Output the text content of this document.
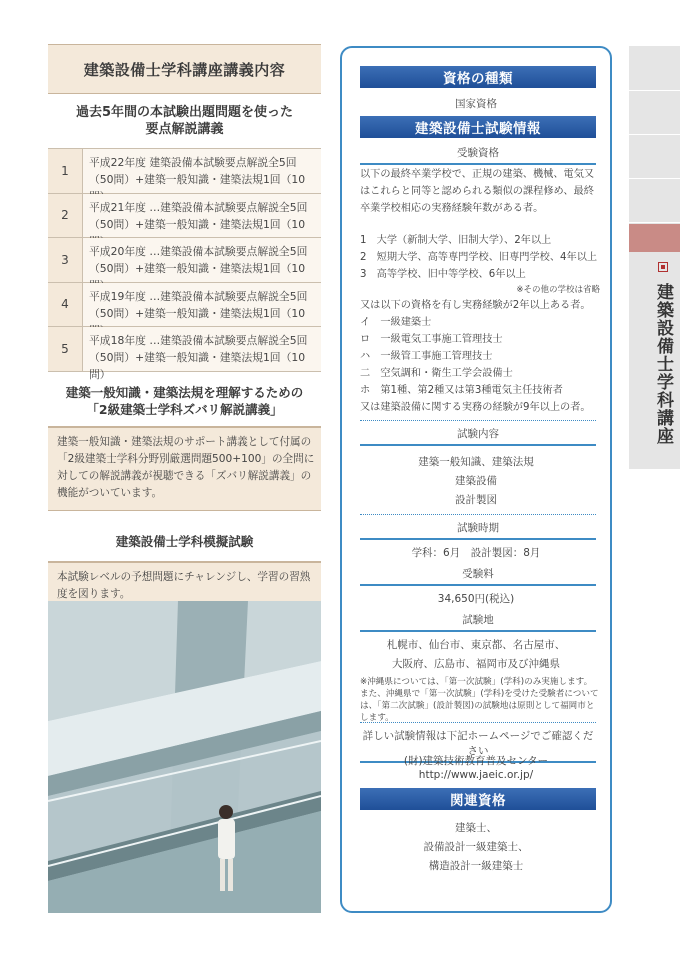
建築設備士学科講座講義内容
過去5年間の本試験出題問題を使った
要点解説講義
1
平成22年度 建築設備本試験要点解説全5回（50問）+建築一般知識・建築法規1回（10
2
平成21年度 …建築設備本試験要点解説全5回（50問）+建築一般知識・建築法規1回（10
3
平成20年度 …建築設備本試験要点解説全5回（50問）+建築一般知識・建築法規1回（10
4
平成19年度 …建築設備本試験要点解説全5回（50問）+建築一般知識・建築法規1回（10
5
平成18年度 …建築設備本試験要点解説全5回（50問）+建築一般知識・建築法規1回（10問）
建築一般知識・建築法規を理解するための
「2級建築士学科ズバリ解説講義」
建築一般知識・建築法規のサポート講義として付属の「2級建築士学科分野別厳選問題500+100」の全問に対しての解説講義が視聴できる「ズバリ解説講義」の機能がついています。
建築設備士学科模擬試験
本試験レベルの予想問題にチャレンジし、学習の習熟度を図ります。
資格の種類
国家資格
建築設備士試験情報
受験資格
以下の最終卒業学校で、正規の建築、機械、電気又はこれらと同等と認められる類似の課程修め、最終卒業学校相応の実務経験年数がある者。
1　大学（新制大学、旧制大学）、2年以上
2　短期大学、高等専門学校、旧専門学校、4年以上
3　高等学校、旧中等学校、6年以上
※その他の学校は省略
又は以下の資格を有し実務経験が2年以上ある者。
イ　一級建築士
ロ　一級電気工事施工管理技士
ハ　一級管工事施工管理技士
二　空気調和・衛生工学会設備士
ホ　第1種、第2種又は第3種電気主任技術者
又は建築設備に関する実務の経験が9年以上の者。
試験内容
建築一般知識、建築法規
建築設備
設計製図
試験時期
学科：6月　設計製図：8月
受験料
34,650円(税込)
試験地
札幌市、仙台市、東京都、名古屋市、
大阪府、広島市、福岡市及び沖縄県
※沖縄県については、「第一次試験」(学科)のみ実施します。また、沖縄県で「第一次試験」(学科)を受けた受験者については、「第二次試験」(設計製図)の試験地は原則として福岡市とします。
詳しい試験情報は下記ホームページでご確認ください
(財)建築技術教育普及センター
http://www.jaeic.or.jp/
関連資格
建築士、
設備設計一級建築士、
構造設計一級建築士
建築設備士学科講座
